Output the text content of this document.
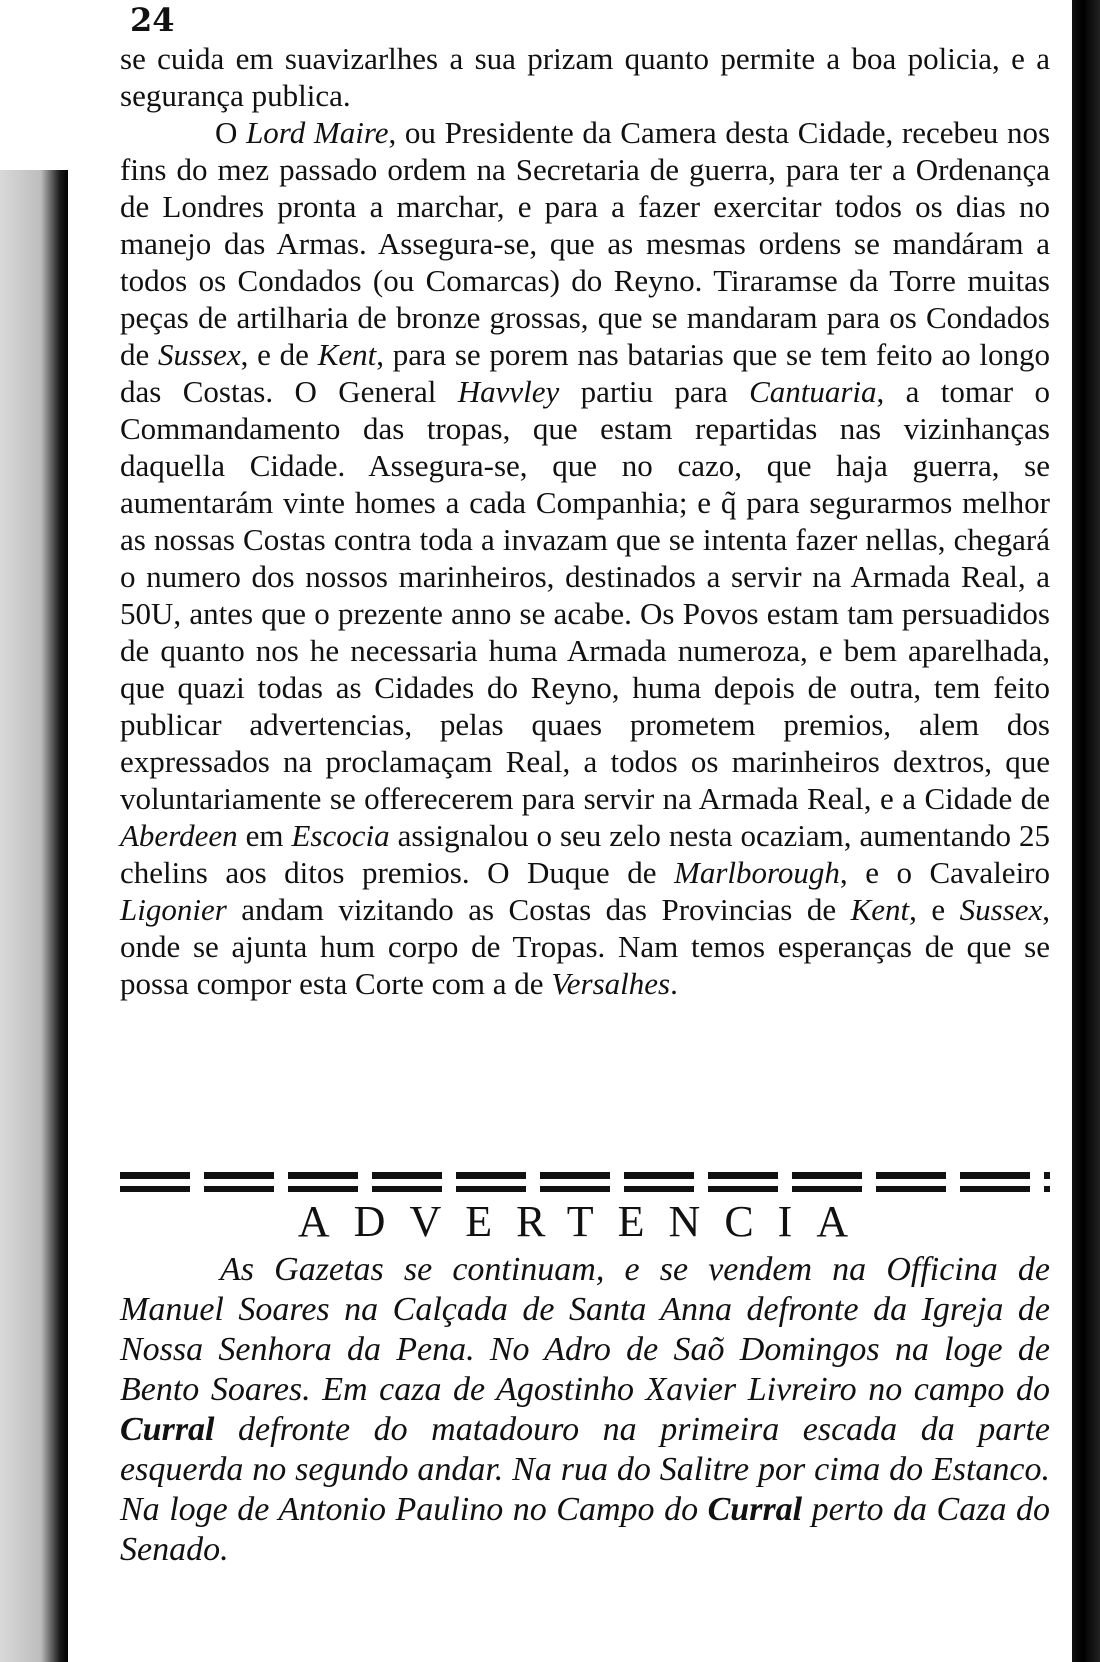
24

se cuida em suavizarlhes a sua prizam quanto permite a boa policia, e a segurança publica.

O Lord Maire, ou Presidente da Camera desta Cidade, recebeu nos fins do mez passado ordem na Secretaria de guerra, para ter a Ordenança de Londres pronta a marchar, e para a fazer exercitar todos os dias no manejo das Armas. Assegura-se, que as mesmas ordens se mandáram a todos os Condados (ou Comarcas) do Reyno. Tiraramse da Torre muitas peças de artilharia de bronze grossas, que se mandaram para os Condados de Sussex, e de Kent, para se porem nas batarias que se tem feito ao longo das Costas. O General Havvley partiu para Cantuaria, a tomar o Commandamento das tropas, que estam repartidas nas vizinhanças daquella Cidade. Assegura-se, que no cazo, que haja guerra, se aumentarám vinte homes a cada Companhia; e q̃ para segurarmos melhor as nossas Costas contra toda a invazam que se intenta fazer nellas, chegará o numero dos nossos marinheiros, destinados a servir na Armada Real, a 50U, antes que o prezente anno se acabe. Os Povos estam tam persuadidos de quanto nos he necessaria huma Armada numeroza, e bem aparelhada, que quazi todas as Cidades do Reyno, huma depois de outra, tem feito publicar advertencias, pelas quaes prometem premios, alem dos expressados na proclamaçam Real, a todos os marinheiros dextros, que voluntariamente se offerecerem para servir na Armada Real, e a Cidade de Aberdeen em Escocia assignalou o seu zelo nesta ocaziam, aumentando 25 chelins aos ditos premios. O Duque de Marlborough, e o Cavaleiro Ligonier andam vizitando as Costas das Provincias de Kent, e Sussex, onde se ajunta hum corpo de Tropas. Nam temos esperanças de que se possa compor esta Corte com a de Versalhes.

ADVERTENCIA
As Gazetas se continuam, e se vendem na Officina de Manuel Soares na Calçada de Santa Anna defronte da Igreja de Nossa Senhora da Pena. No Adro de Saõ Domingos na loge de Bento Soares. Em caza de Agostinho Xavier Livreiro no campo do Curral defronte do matadouro na primeira escada da parte esquerda no segundo andar. Na rua do Salitre por cima do Estanco. Na loge de Antonio Paulino no Campo do Curral perto da Caza do Senado.
